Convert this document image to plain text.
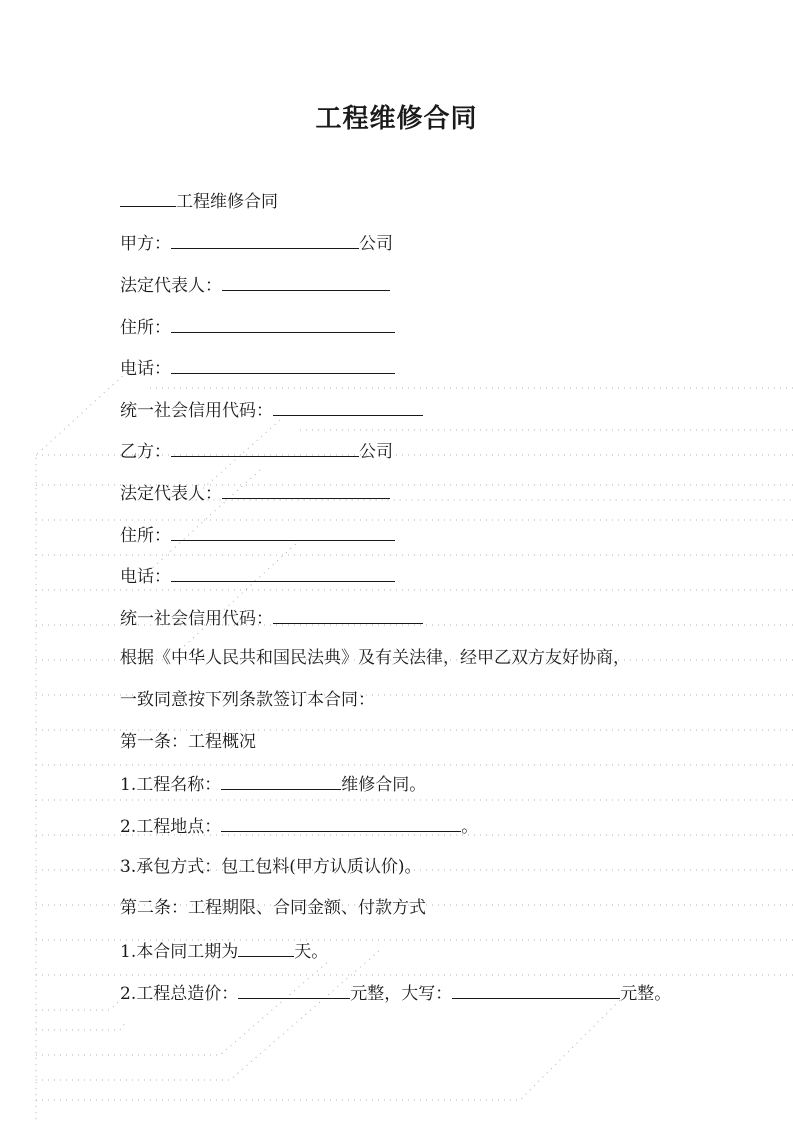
工程维修合同
工程维修合同
甲方：	公司
法定代表人：
住所：
电话：
统一社会信用代码：
乙方：	公司
法定代表人：
住所：
电话：
统一社会信用代码：
根据《中华人民共和国民法典》及有关法律，经甲乙双方友好协商，
一致同意按下列条款签订本合同：
第一条：工程概况
1.工程名称：	维修合同。
2.工程地点：	。
3.承包方式：包工包料(甲方认质认价)。
第二条：工程期限、合同金额、付款方式
1.本合同工期为	天。
2.工程总造价：	元整，大写：	元整。
